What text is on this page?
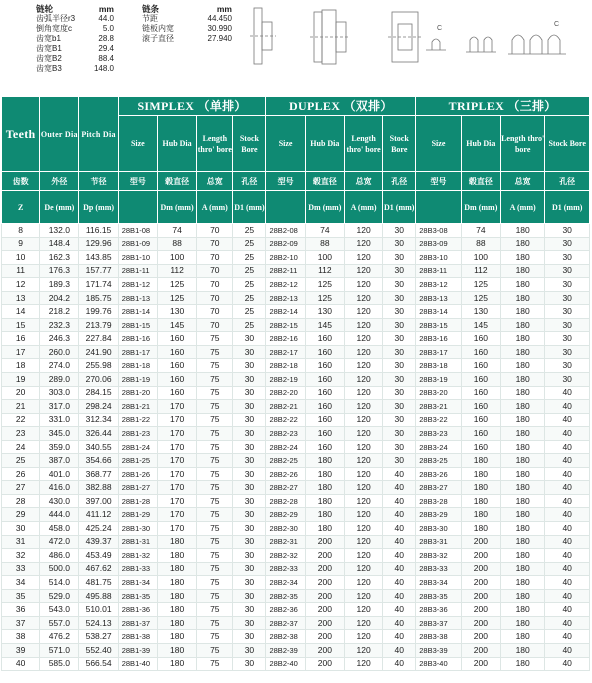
链轮	mm
齿弧半径r3	44.0
倒角宽度c	5.0
齿宽b1	28.8
齿宽B1	29.4
齿宽B2	88.4
齿宽B3	148.0
链条	mm
节距	44.450
链板内宽	30.990
滚子直径	27.940
C
C
Teeth	Outer Dia	Pitch Dia	SIMPLEX （单排）				DUPLEX （双排）				TRIPLEX （三排）			
			Size	Hub Dia	Length thro' bore	Stock Bore	Size	Hub Dia	Length thro' bore	Stock Bore	Size	Hub Dia	Length thro' bore	Stock Bore
齿数	外径	节径	型号	毂直径	总宽	孔径	型号	毂直径	总宽	孔径	型号	毂直径	总宽	孔径
Z	De (mm)	Dp (mm)		Dm (mm)	A (mm)	D1 (mm)		Dm (mm)	A (mm)	D1 (mm)		Dm (mm)	A (mm)	D1 (mm)
8	132.0	116.15	28B1-08	74	70	25	28B2-08	74	120	30	28B3-08	74	180	30
9	148.4	129.96	28B1-09	88	70	25	28B2-09	88	120	30	28B3-09	88	180	30
10	162.3	143.85	28B1-10	100	70	25	28B2-10	100	120	30	28B3-10	100	180	30
11	176.3	157.77	28B1-11	112	70	25	28B2-11	112	120	30	28B3-11	112	180	30
12	189.3	171.74	28B1-12	125	70	25	28B2-12	125	120	30	28B3-12	125	180	30
13	204.2	185.75	28B1-13	125	70	25	28B2-13	125	120	30	28B3-13	125	180	30
14	218.2	199.76	28B1-14	130	70	25	28B2-14	130	120	30	28B3-14	130	180	30
15	232.3	213.79	28B1-15	145	70	25	28B2-15	145	120	30	28B3-15	145	180	30
16	246.3	227.84	28B1-16	160	75	30	28B2-16	160	120	30	28B3-16	160	180	30
17	260.0	241.90	28B1-17	160	75	30	28B2-17	160	120	30	28B3-17	160	180	30
18	274.0	255.98	28B1-18	160	75	30	28B2-18	160	120	30	28B3-18	160	180	30
19	289.0	270.06	28B1-19	160	75	30	28B2-19	160	120	30	28B3-19	160	180	30
20	303.0	284.15	28B1-20	160	75	30	28B2-20	160	120	30	28B3-20	160	180	40
21	317.0	298.24	28B1-21	170	75	30	28B2-21	160	120	30	28B3-21	160	180	40
22	331.0	312.34	28B1-22	170	75	30	28B2-22	160	120	30	28B3-22	160	180	40
23	345.0	326.44	28B1-23	170	75	30	28B2-23	160	120	30	28B3-23	160	180	40
24	359.0	340.55	28B1-24	170	75	30	28B2-24	160	120	30	28B3-24	160	180	40
25	387.0	354.66	28B1-25	170	75	30	28B2-25	180	120	30	28B3-25	180	180	40
26	401.0	368.77	28B1-26	170	75	30	28B2-26	180	120	40	28B3-26	180	180	40
27	416.0	382.88	28B1-27	170	75	30	28B2-27	180	120	40	28B3-27	180	180	40
28	430.0	397.00	28B1-28	170	75	30	28B2-28	180	120	40	28B3-28	180	180	40
29	444.0	411.12	28B1-29	170	75	30	28B2-29	180	120	40	28B3-29	180	180	40
30	458.0	425.24	28B1-30	170	75	30	28B2-30	180	120	40	28B3-30	180	180	40
31	472.0	439.37	28B1-31	180	75	30	28B2-31	200	120	40	28B3-31	200	180	40
32	486.0	453.49	28B1-32	180	75	30	28B2-32	200	120	40	28B3-32	200	180	40
33	500.0	467.62	28B1-33	180	75	30	28B2-33	200	120	40	28B3-33	200	180	40
34	514.0	481.75	28B1-34	180	75	30	28B2-34	200	120	40	28B3-34	200	180	40
35	529.0	495.88	28B1-35	180	75	30	28B2-35	200	120	40	28B3-35	200	180	40
36	543.0	510.01	28B1-36	180	75	30	28B2-36	200	120	40	28B3-36	200	180	40
37	557.0	524.13	28B1-37	180	75	30	28B2-37	200	120	40	28B3-37	200	180	40
38	476.2	538.27	28B1-38	180	75	30	28B2-38	200	120	40	28B3-38	200	180	40
39	571.0	552.40	28B1-39	180	75	30	28B2-39	200	120	40	28B3-39	200	180	40
40	585.0	566.54	28B1-40	180	75	30	28B2-40	200	120	40	28B3-40	200	180	40
